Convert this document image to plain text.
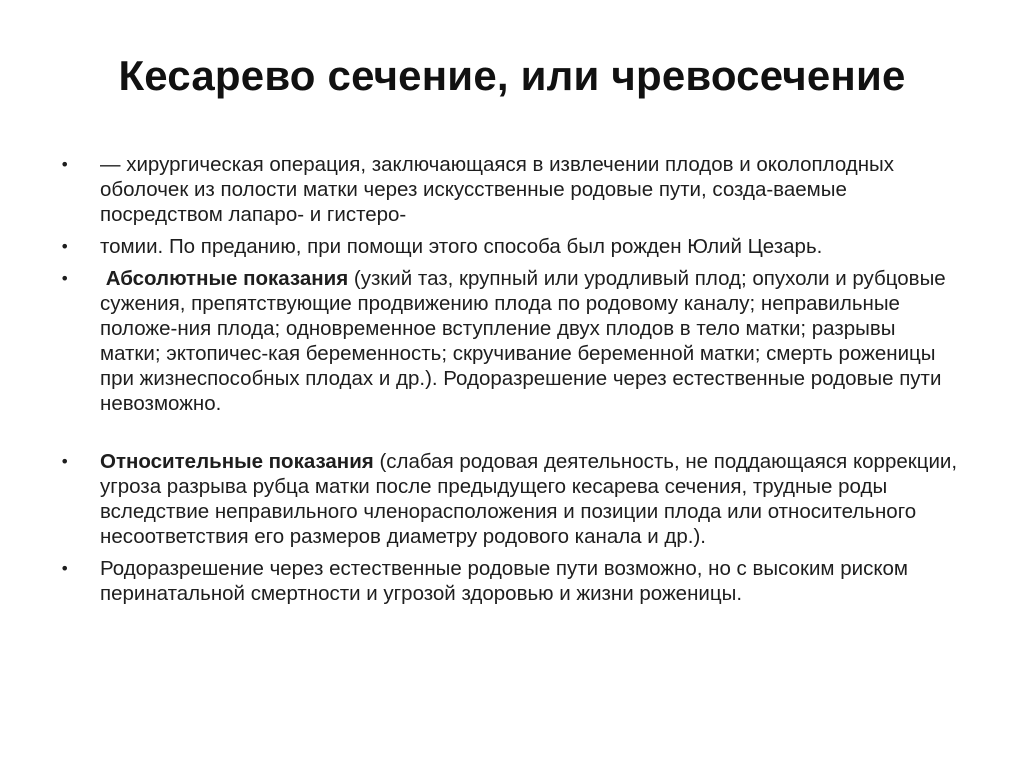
Кесарево сечение, или чревосечение
•	— хирургическая операция, заключающаяся в извлечении плодов и околоплодных оболочек из полости матки через искусственные родовые пути, созда-ваемые посредством лапаро- и гистеро-
•	томии. По преданию, при помощи этого способа был рожден Юлий Цезарь.
•	Абсолютные показания (узкий таз, крупный или уродливый плод; опухоли и рубцовые сужения, препятствующие продвижению плода по родовому каналу; неправильные положе-ния плода; одновременное вступление двух плодов в тело матки; разрывы матки; эктопичес-кая беременность; скручивание беременной матки; смерть роженицы при жизнеспособных плодах и др.). Родоразрешение через естественные родовые пути невозможно.
•	Относительные показания (слабая родовая деятельность, не поддающаяся коррекции, угроза разрыва рубца матки после предыдущего кесарева сечения, трудные роды вследствие неправильного членорасположения и позиции плода или относительного несоответствия его размеров диаметру родового канала и др.).
•	Родоразрешение через естественные родовые пути возможно, но с высоким риском перинатальной смертности и угрозой здоровью и жизни роженицы.
